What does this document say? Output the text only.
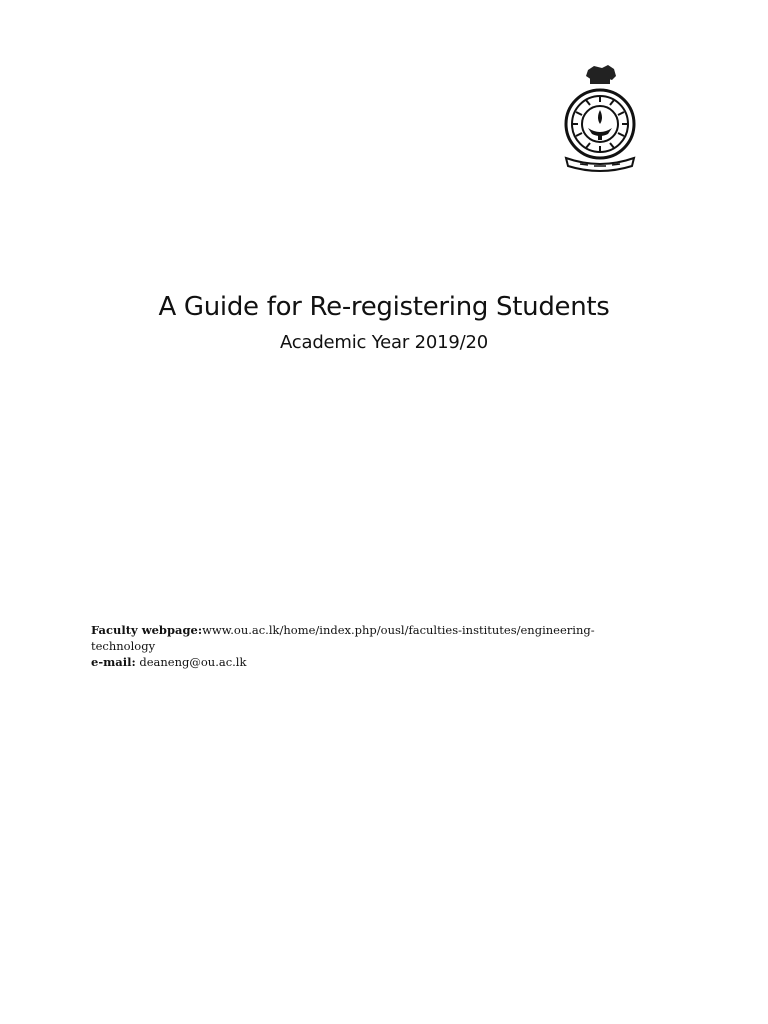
A Guide for Re-registering Students
Academic Year 2019/20
Faculty webpage:www.ou.ac.lk/home/index.php/ousl/faculties-institutes/engineering-
technology
e-mail: deaneng@ou.ac.lk
